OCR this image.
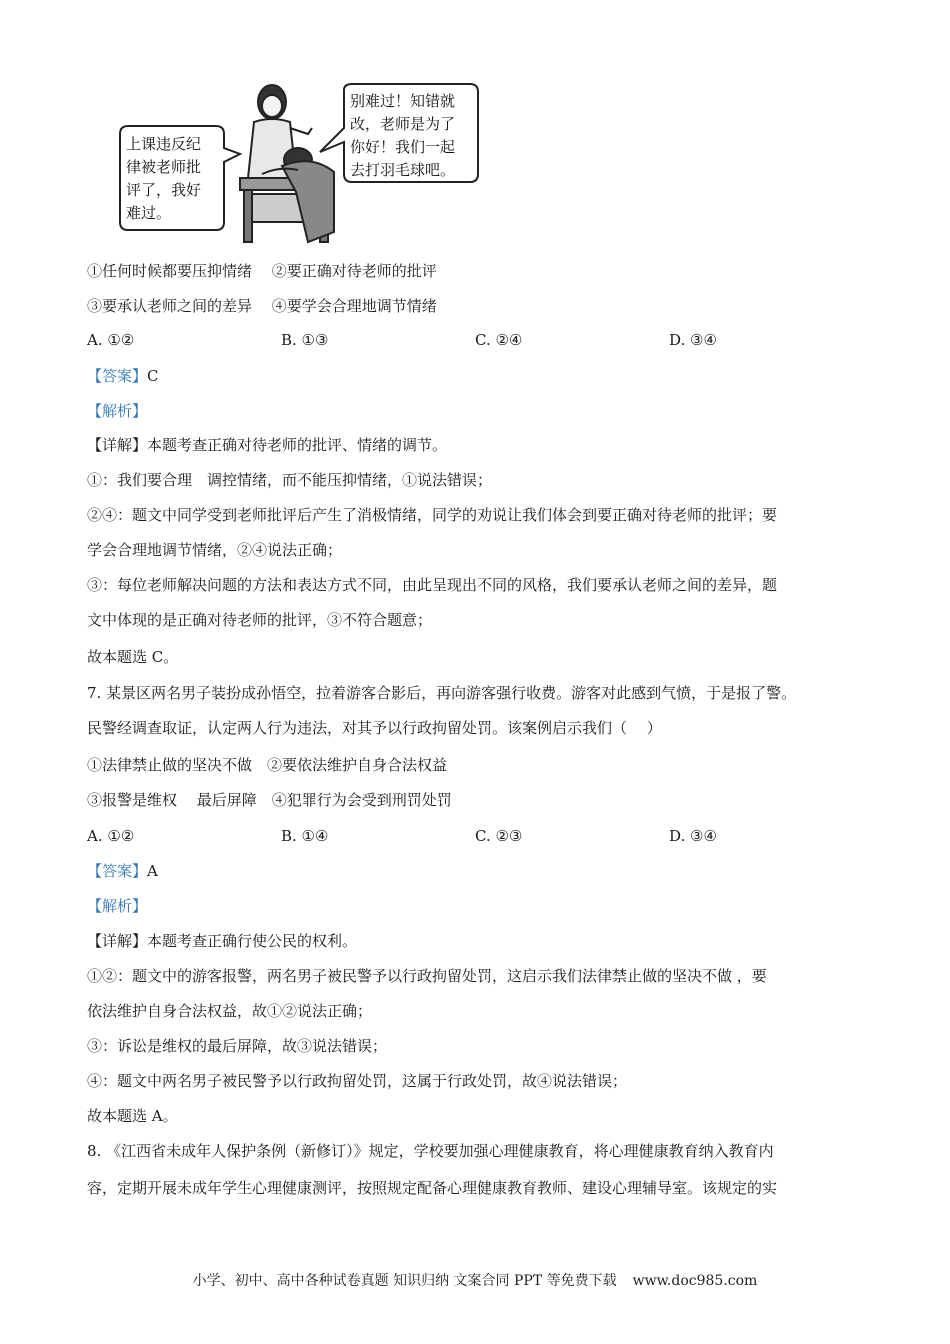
上课违反纪
律被老师批
评了，我好
难过。
别难过！知错就
改，老师是为了
你好！我们一起
去打羽毛球吧。
①任何时候都要压抑情绪　 ②要正确对待老师的批评
③要承认老师之间的差异　 ④要学会合理地调节情绪
A. ①②	B. ①③	C. ②④	D. ③④
【答案】C
【解析】
【详解】本题考查正确对待老师的批评、情绪的调节。
①：我们要合理　调控情绪，而不能压抑情绪，①说法错误；
②④：题文中同学受到老师批评后产生了消极情绪，同学的劝说让我们体会到要正确对待老师的批评；要
学会合理地调节情绪，②④说法正确；
③：每位老师解决问题的方法和表达方式不同，由此呈现出不同的风格，我们要承认老师之间的差异，题
文中体现的是正确对待老师的批评，③不符合题意；
故本题选 C。
7. 某景区两名男子装扮成孙悟空，拉着游客合影后，再向游客强行收费。游客对此感到气愤，于是报了警。
民警经调查取证，认定两人行为违法，对其予以行政拘留处罚。该案例启示我们（　 ）
①法律禁止做的坚决不做　②要依法维护自身合法权益
③报警是维权　 最后屏障　④犯罪行为会受到刑罚处罚
A. ①②	B. ①④	C. ②③	D. ③④
【答案】A
【解析】
【详解】本题考查正确行使公民的权利。
①②：题文中的游客报警，两名男子被民警予以行政拘留处罚，这启示我们法律禁止做的坚决不做 ，要
依法维护自身合法权益，故①②说法正确；
③：诉讼是维权的最后屏障，故③说法错误；
④：题文中两名男子被民警予以行政拘留处罚，这属于行政处罚，故④说法错误；
故本题选 A。
8. 《江西省未成年人保护条例（新修订）》规定，学校要加强心理健康教育，将心理健康教育纳入教育内
容，定期开展未成年学生心理健康测评，按照规定配备心理健康教育教师、建设心理辅导室。该规定的实
小学、初中、高中各种试卷真题 知识归纳 文案合同 PPT 等免费下载 www.doc985.com
